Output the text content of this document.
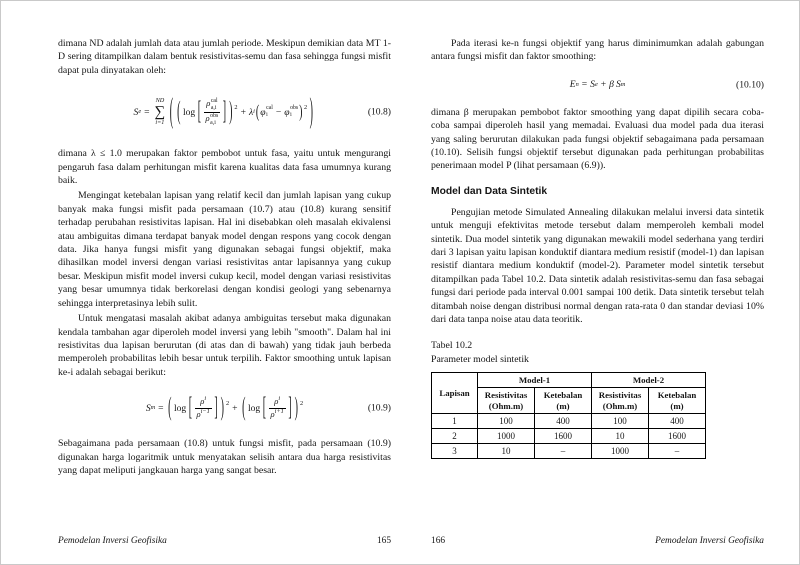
dimana ND adalah jumlah data atau jumlah periode. Meskipun demikian data MT 1-D sering ditampilkan dalam bentuk resistivitas-semu dan fasa sehingga fungsi misfit dapat pula dinyatakan oleh:

S e =
ND
∑
i=1 ( ( log [ ρ cal
a,i
ρ obs
a,i ] ) $^2$ + λ i ( φ cal
i − φ obs
i )$^2$ )	(10.8)

dimana λ ≤ 1.0 merupakan faktor pembobot untuk fasa, yaitu untuk mengurangi pengaruh fasa dalam perhitungan misfit karena kualitas data fasa umumnya kurang baik.

Mengingat ketebalan lapisan yang relatif kecil dan jumlah lapisan yang cukup banyak maka fungsi misfit pada persamaan (10.7) atau (10.8) kurang sensitif terhadap perubahan resistivitas lapisan. Hal ini disebabkan oleh masalah ekivalensi atau ambiguitas dimana terdapat banyak model dengan respons yang cocok dengan data. Jika hanya fungsi misfit yang digunakan sebagai fungsi objektif, maka dihasilkan model inversi dengan variasi resistivitas antar lapisannya yang cukup besar. Meskipun misfit model inversi cukup kecil, model dengan variasi resistivitas yang besar umumnya tidak berkorelasi dengan kondisi geologi yang sebenarnya sehingga interpretasinya lebih sulit.

Untuk mengatasi masalah akibat adanya ambiguitas tersebut maka digunakan kendala tambahan agar diperoleh model inversi yang lebih "smooth". Dalam hal ini resistivitas dua lapisan berurutan (di atas dan di bawah) yang tidak jauh berbeda memperoleh probabilitas lebih besar untuk terpilih. Faktor smoothing untuk lapisan ke-i adalah sebagai berikut:

S m = ( log [ $\frac{\rho^i}{\rho^{i-1}}$ ] ) $^2$ + ( log [ $\frac{\rho^i}{\rho^{i+1}}$ ] ) $^2$	(10.9)

Sebagaimana pada persamaan (10.8) untuk fungsi misfit, pada persamaan (10.9) digunakan harga logaritmik untuk menyatakan selisih antara dua harga resistivitas yang dapat meliputi jangkauan harga yang sangat besar.

Pemodelan Inversi Geofisika	165

Pada iterasi ke-n fungsi objektif yang harus diminimumkan adalah gabungan antara fungsi misfit dan faktor smoothing:

E n = S e + β S m	(10.10)

dimana β merupakan pembobot faktor smoothing yang dapat dipilih secara coba-coba sampai diperoleh hasil yang memadai. Evaluasi dua model pada dua iterasi yang saling berurutan dilakukan pada fungsi objektif sebagaimana pada persamaan (10.10). Selisih fungsi objektif tersebut digunakan pada perhitungan probabilitas penerimaan model P (lihat persamaan (6.9)).

Model dan Data Sintetik

Pengujian metode Simulated Annealing dilakukan melalui inversi data sintetik untuk menguji efektivitas metode tersebut dalam memperoleh kembali model sintetik. Dua model sintetik yang digunakan mewakili model sederhana yang terdiri dari 3 lapisan yaitu lapisan konduktif diantara medium resistif (model-1) dan lapisan resistif diantara medium konduktif (model-2). Parameter model sintetik tersebut ditampilkan pada Tabel 10.2. Data sintetik adalah resistivitas-semu dan fasa sebagai fungsi dari periode pada interval 0.001 sampai 100 detik. Data sintetik tersebut telah ditambah noise dengan distribusi normal dengan rata-rata 0 dan standar deviasi 10% dari data tanpa noise atau data teoritik.

Tabel 10.2

Parameter model sintetik

Lapisan	Model-1		Model-2	
	Resistivitas (Ohm.m)	Ketebalan (m)	Resistivitas (Ohm.m)	Ketebalan (m)
1	100	400	100	400
2	1000	1600	10	1600
3	10	–	1000	–
166	Pemodelan Inversi Geofisika
